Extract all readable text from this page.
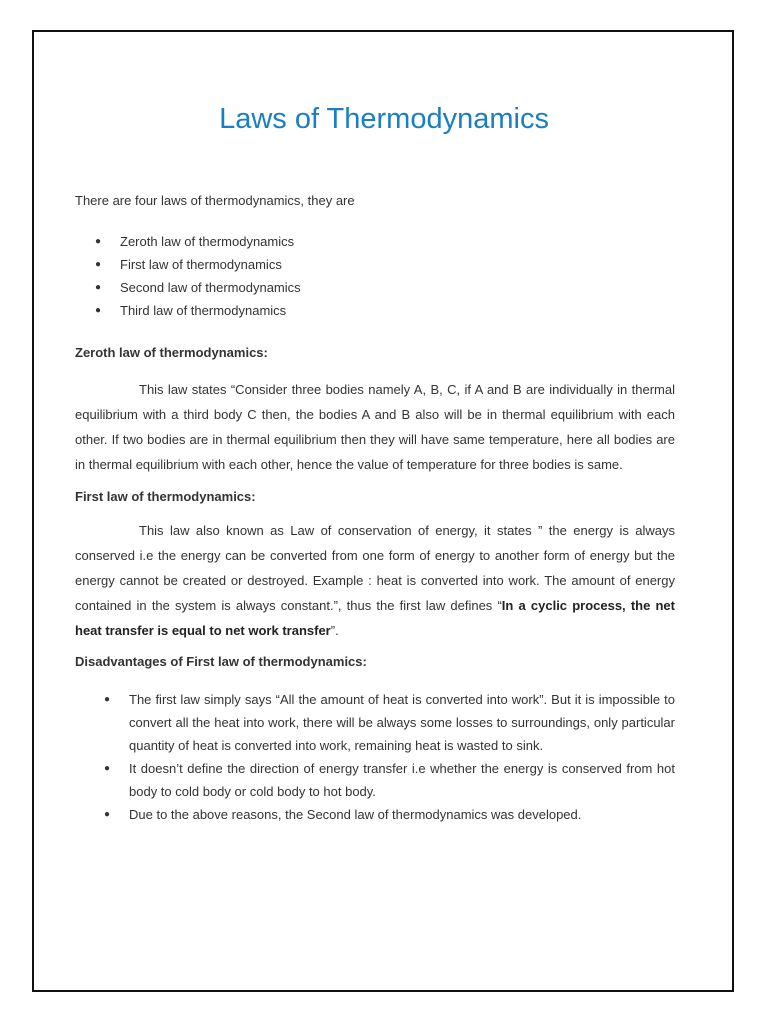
Laws of Thermodynamics

There are four laws of thermodynamics, they are

● Zeroth law of thermodynamics
● First law of thermodynamics
● Second law of thermodynamics
● Third law of thermodynamics

Zeroth law of thermodynamics:

This law states “Consider three bodies namely A, B, C, if A and B are individually in thermal equilibrium with a third body C then, the bodies A and B also will be in thermal equilibrium with each other. If two bodies are in thermal equilibrium then they will have same temperature, here all bodies are in thermal equilibrium with each other, hence the value of temperature for three bodies is same.

First law of thermodynamics:

This law also known as Law of conservation of energy, it states ” the energy is always conserved i.e the energy can be converted from one form of energy to another form of energy but the energy cannot be created or destroyed. Example : heat is converted into work. The amount of energy contained in the system is always constant.”, thus the first law defines “In a cyclic process, the net heat transfer is equal to net work transfer”.

Disadvantages of First law of thermodynamics:

● The first law simply says “All the amount of heat is converted into work”. But it is impossible to convert all the heat into work, there will be always some losses to surroundings, only particular quantity of heat is converted into work, remaining heat is wasted to sink.
● It doesn’t define the direction of energy transfer i.e whether the energy is conserved from hot body to cold body or cold body to hot body.
● Due to the above reasons, the Second law of thermodynamics was developed.
